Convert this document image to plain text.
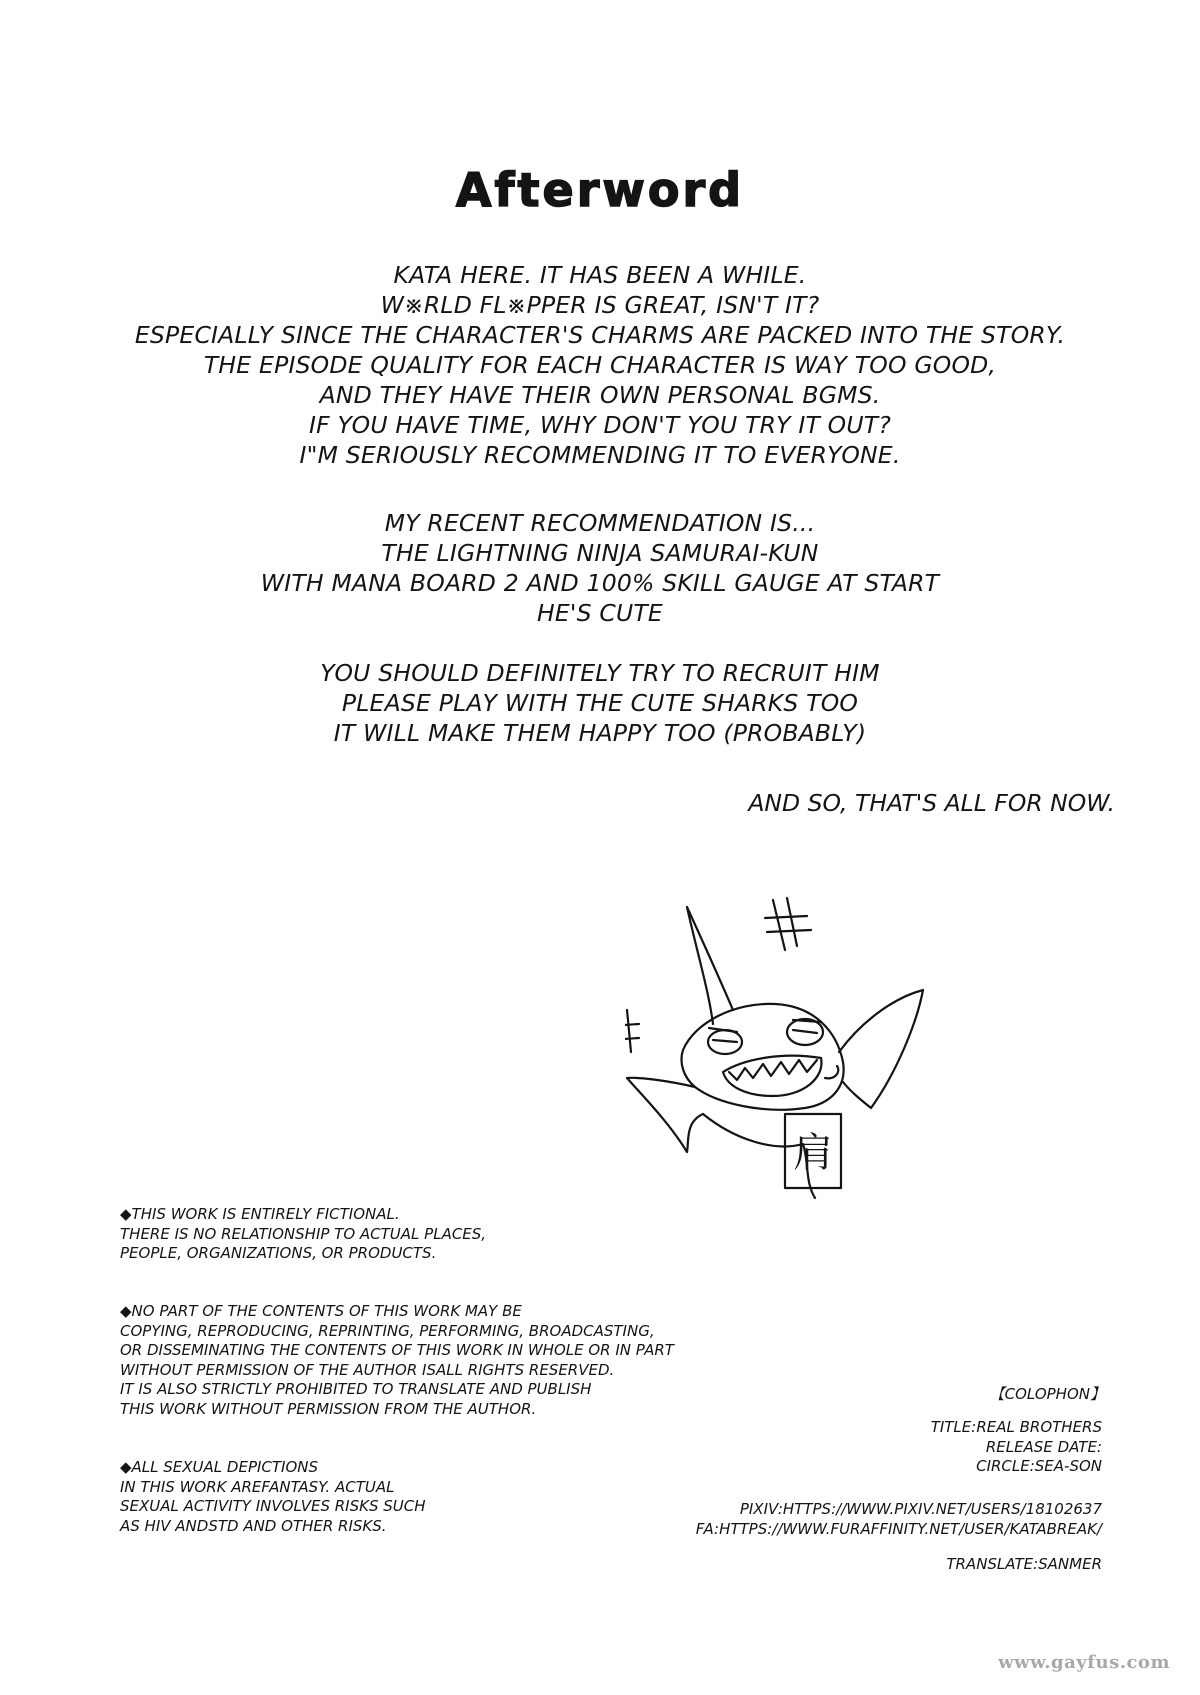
Afterword
KATA HERE. IT HAS BEEN A WHILE.
W※RLD FL※PPER IS GREAT, ISN'T IT?
ESPECIALLY SINCE THE CHARACTER'S CHARMS ARE PACKED INTO THE STORY.
THE EPISODE QUALITY FOR EACH CHARACTER IS WAY TOO GOOD,
AND THEY HAVE THEIR OWN PERSONAL BGMS.
IF YOU HAVE TIME, WHY DON'T YOU TRY IT OUT?
I"M SERIOUSLY RECOMMENDING IT TO EVERYONE.
MY RECENT RECOMMENDATION IS...
THE LIGHTNING NINJA SAMURAI-KUN
WITH MANA BOARD 2 AND 100% SKILL GAUGE AT START
HE'S CUTE
YOU SHOULD DEFINITELY TRY TO RECRUIT HIM
PLEASE PLAY WITH THE CUTE SHARKS TOO
IT WILL MAKE THEM HAPPY TOO (PROBABLY)
AND SO, THAT'S ALL FOR NOW.
肩
◆THIS WORK IS ENTIRELY FICTIONAL.
THERE IS NO RELATIONSHIP TO ACTUAL PLACES,
PEOPLE, ORGANIZATIONS, OR PRODUCTS.
◆NO PART OF THE CONTENTS OF THIS WORK MAY BE
COPYING, REPRODUCING, REPRINTING, PERFORMING, BROADCASTING,
OR DISSEMINATING THE CONTENTS OF THIS WORK IN WHOLE OR IN PART
WITHOUT PERMISSION OF THE AUTHOR ISALL RIGHTS RESERVED.
IT IS ALSO STRICTLY PROHIBITED TO TRANSLATE AND PUBLISH
THIS WORK WITHOUT PERMISSION FROM THE AUTHOR.
◆ALL SEXUAL DEPICTIONS
IN THIS WORK AREFANTASY. ACTUAL
SEXUAL ACTIVITY INVOLVES RISKS SUCH
AS HIV ANDSTD AND OTHER RISKS.
【COLOPHON】
TITLE:REAL BROTHERS
RELEASE DATE:
CIRCLE:SEA-SON
PIXIV:HTTPS://WWW.PIXIV.NET/USERS/18102637
FA:HTTPS://WWW.FURAFFINITY.NET/USER/KATABREAK/
TRANSLATE:SANMER
www.gayfus.com
